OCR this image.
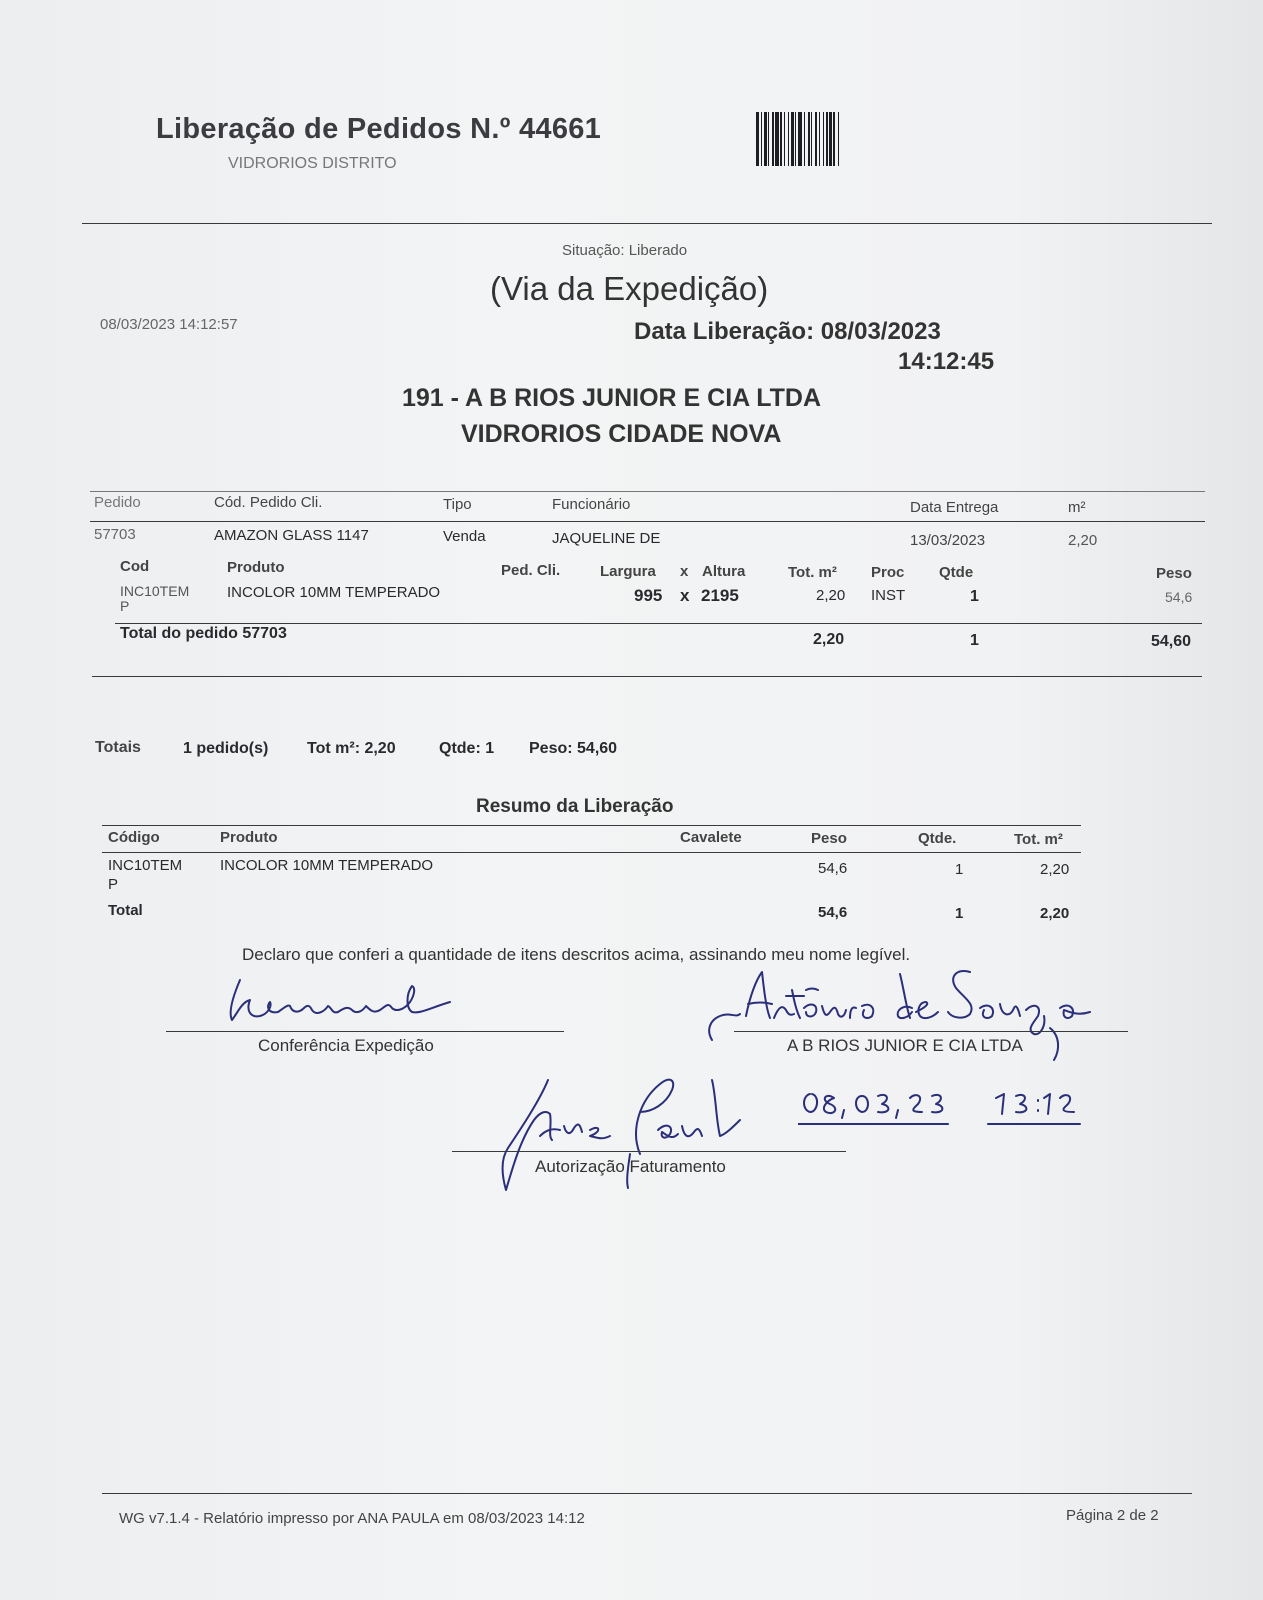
Liberação de Pedidos N.º 44661
VIDRORIOS DISTRITO
Situação: Liberado
(Via da Expedição)
08/03/2023 14:12:57	Data Liberação: 08/03/2023
14:12:45
191 - A B RIOS JUNIOR E CIA LTDA
VIDRORIOS CIDADE NOVA
Pedido	Cód. Pedido Cli.	Tipo	Funcionário	Data Entrega	m²
57703	AMAZON GLASS 1147	Venda	JAQUELINE DE	13/03/2023	2,20
Cod	Produto	Ped. Cli.	Largura x Altura	Tot. m² Proc Qtde	Peso
INC10TEM
P
INCOLOR 10MM TEMPERADO	995 x 2195	2,20 INST	1	54,6
Total do pedido 57703	2,20	1	54,60
Totais	1 pedido(s) Tot m²: 2,20	Qtde: 1 Peso: 54,60
Resumo da Liberação
Código	Produto	Cavalete	Peso	Qtde.	Tot. m²
INC10TEM
P
INCOLOR 10MM TEMPERADO	54,6	1	2,20
Total	54,6	1	2,20
Declaro que conferi a quantidade de itens descritos acima, assinando meu nome legível.
Conferência Expedição	A B RIOS JUNIOR E CIA LTDA
Autorização Faturamento
WG v7.1.4 - Relatório impresso por ANA PAULA em 08/03/2023 14:12	Página 2 de 2
